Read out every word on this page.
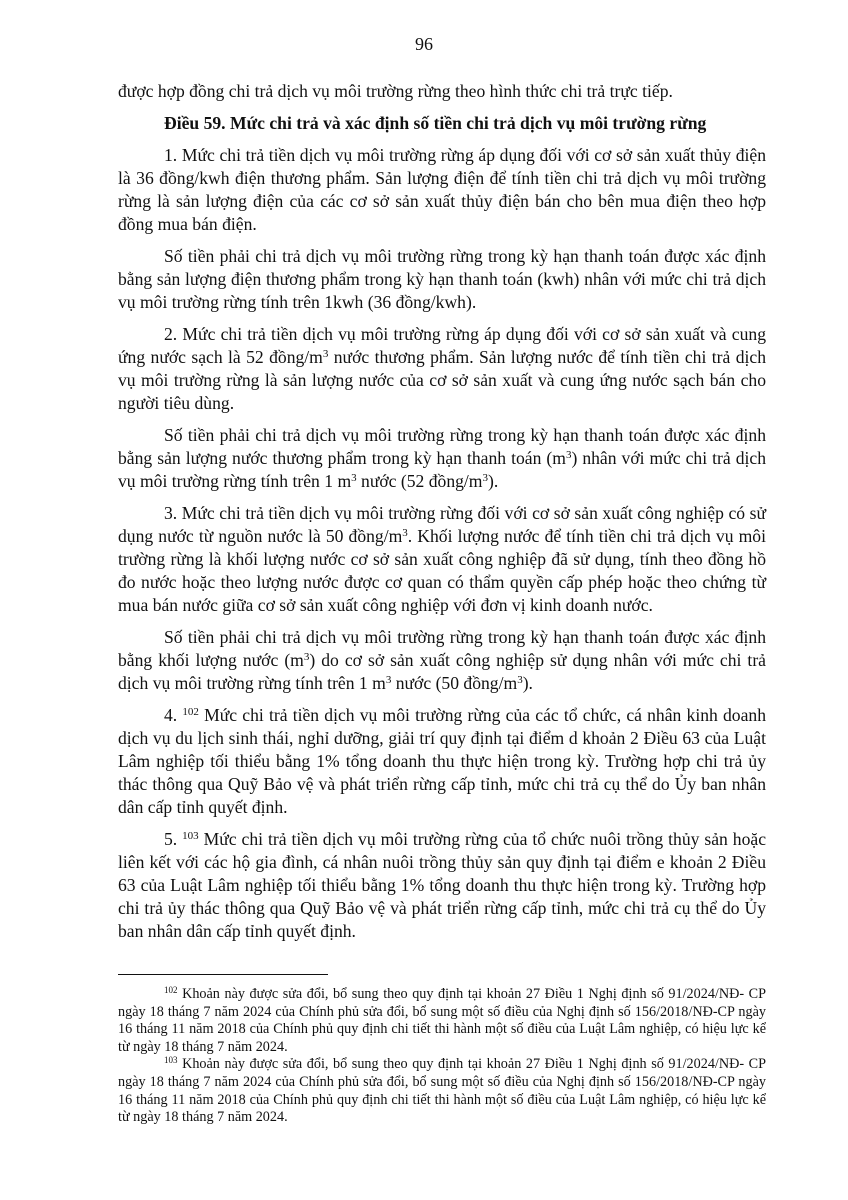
96

được hợp đồng chi trả dịch vụ môi trường rừng theo hình thức chi trả trực tiếp.

Điều 59. Mức chi trả và xác định số tiền chi trả dịch vụ môi trường rừng

1. Mức chi trả tiền dịch vụ môi trường rừng áp dụng đối với cơ sở sản xuất thủy điện là 36 đồng/kwh điện thương phẩm. Sản lượng điện để tính tiền chi trả dịch vụ môi trường rừng là sản lượng điện của các cơ sở sản xuất thủy điện bán cho bên mua điện theo hợp đồng mua bán điện.

Số tiền phải chi trả dịch vụ môi trường rừng trong kỳ hạn thanh toán được xác định bằng sản lượng điện thương phẩm trong kỳ hạn thanh toán (kwh) nhân với mức chi trả dịch vụ môi trường rừng tính trên 1kwh (36 đồng/kwh).

2. Mức chi trả tiền dịch vụ môi trường rừng áp dụng đối với cơ sở sản xuất và cung ứng nước sạch là 52 đồng/$m^3$ nước thương phẩm. Sản lượng nước để tính tiền chi trả dịch vụ môi trường rừng là sản lượng nước của cơ sở sản xuất và cung ứng nước sạch bán cho người tiêu dùng.

Số tiền phải chi trả dịch vụ môi trường rừng trong kỳ hạn thanh toán được xác định bằng sản lượng nước thương phẩm trong kỳ hạn thanh toán $(m^3)$ nhân với mức chi trả dịch vụ môi trường rừng tính trên 1 $m^3$ nước (52 đồng/$m^3$).

3. Mức chi trả tiền dịch vụ môi trường rừng đối với cơ sở sản xuất công nghiệp có sử dụng nước từ nguồn nước là 50 đồng/$m^3$. Khối lượng nước để tính tiền chi trả dịch vụ môi trường rừng là khối lượng nước cơ sở sản xuất công nghiệp đã sử dụng, tính theo đồng hồ đo nước hoặc theo lượng nước được cơ quan có thẩm quyền cấp phép hoặc theo chứng từ mua bán nước giữa cơ sở sản xuất công nghiệp với đơn vị kinh doanh nước.

Số tiền phải chi trả dịch vụ môi trường rừng trong kỳ hạn thanh toán được xác định bằng khối lượng nước $(m^3)$ do cơ sở sản xuất công nghiệp sử dụng nhân với mức chi trả dịch vụ môi trường rừng tính trên 1 $m^3$ nước (50 đồng/$m^3$).

4. $^{102}$ Mức chi trả tiền dịch vụ môi trường rừng của các tổ chức, cá nhân kinh doanh dịch vụ du lịch sinh thái, nghỉ dưỡng, giải trí quy định tại điểm d khoản 2 Điều 63 của Luật Lâm nghiệp tối thiểu bằng 1% tổng doanh thu thực hiện trong kỳ. Trường hợp chi trả ủy thác thông qua Quỹ Bảo vệ và phát triển rừng cấp tỉnh, mức chi trả cụ thể do Ủy ban nhân dân cấp tỉnh quyết định.

5. $^{103}$ Mức chi trả tiền dịch vụ môi trường rừng của tổ chức nuôi trồng thủy sản hoặc liên kết với các hộ gia đình, cá nhân nuôi trồng thủy sản quy định tại điểm e khoản 2 Điều 63 của Luật Lâm nghiệp tối thiểu bằng 1% tổng doanh thu thực hiện trong kỳ. Trường hợp chi trả ủy thác thông qua Quỹ Bảo vệ và phát triển rừng cấp tỉnh, mức chi trả cụ thể do Ủy ban nhân dân cấp tỉnh quyết định.

$^{102}$ Khoản này được sửa đổi, bổ sung theo quy định tại khoản 27 Điều 1 Nghị định số 91/2024/NĐ- CP ngày 18 tháng 7 năm 2024 của Chính phủ sửa đổi, bổ sung một số điều của Nghị định số 156/2018/NĐ-CP ngày 16 tháng 11 năm 2018 của Chính phủ quy định chi tiết thi hành một số điều của Luật Lâm nghiệp, có hiệu lực kể từ ngày 18 tháng 7 năm 2024.

$^{103}$ Khoản này được sửa đổi, bổ sung theo quy định tại khoản 27 Điều 1 Nghị định số 91/2024/NĐ- CP ngày 18 tháng 7 năm 2024 của Chính phủ sửa đổi, bổ sung một số điều của Nghị định số 156/2018/NĐ-CP ngày 16 tháng 11 năm 2018 của Chính phủ quy định chi tiết thi hành một số điều của Luật Lâm nghiệp, có hiệu lực kể từ ngày 18 tháng 7 năm 2024.
